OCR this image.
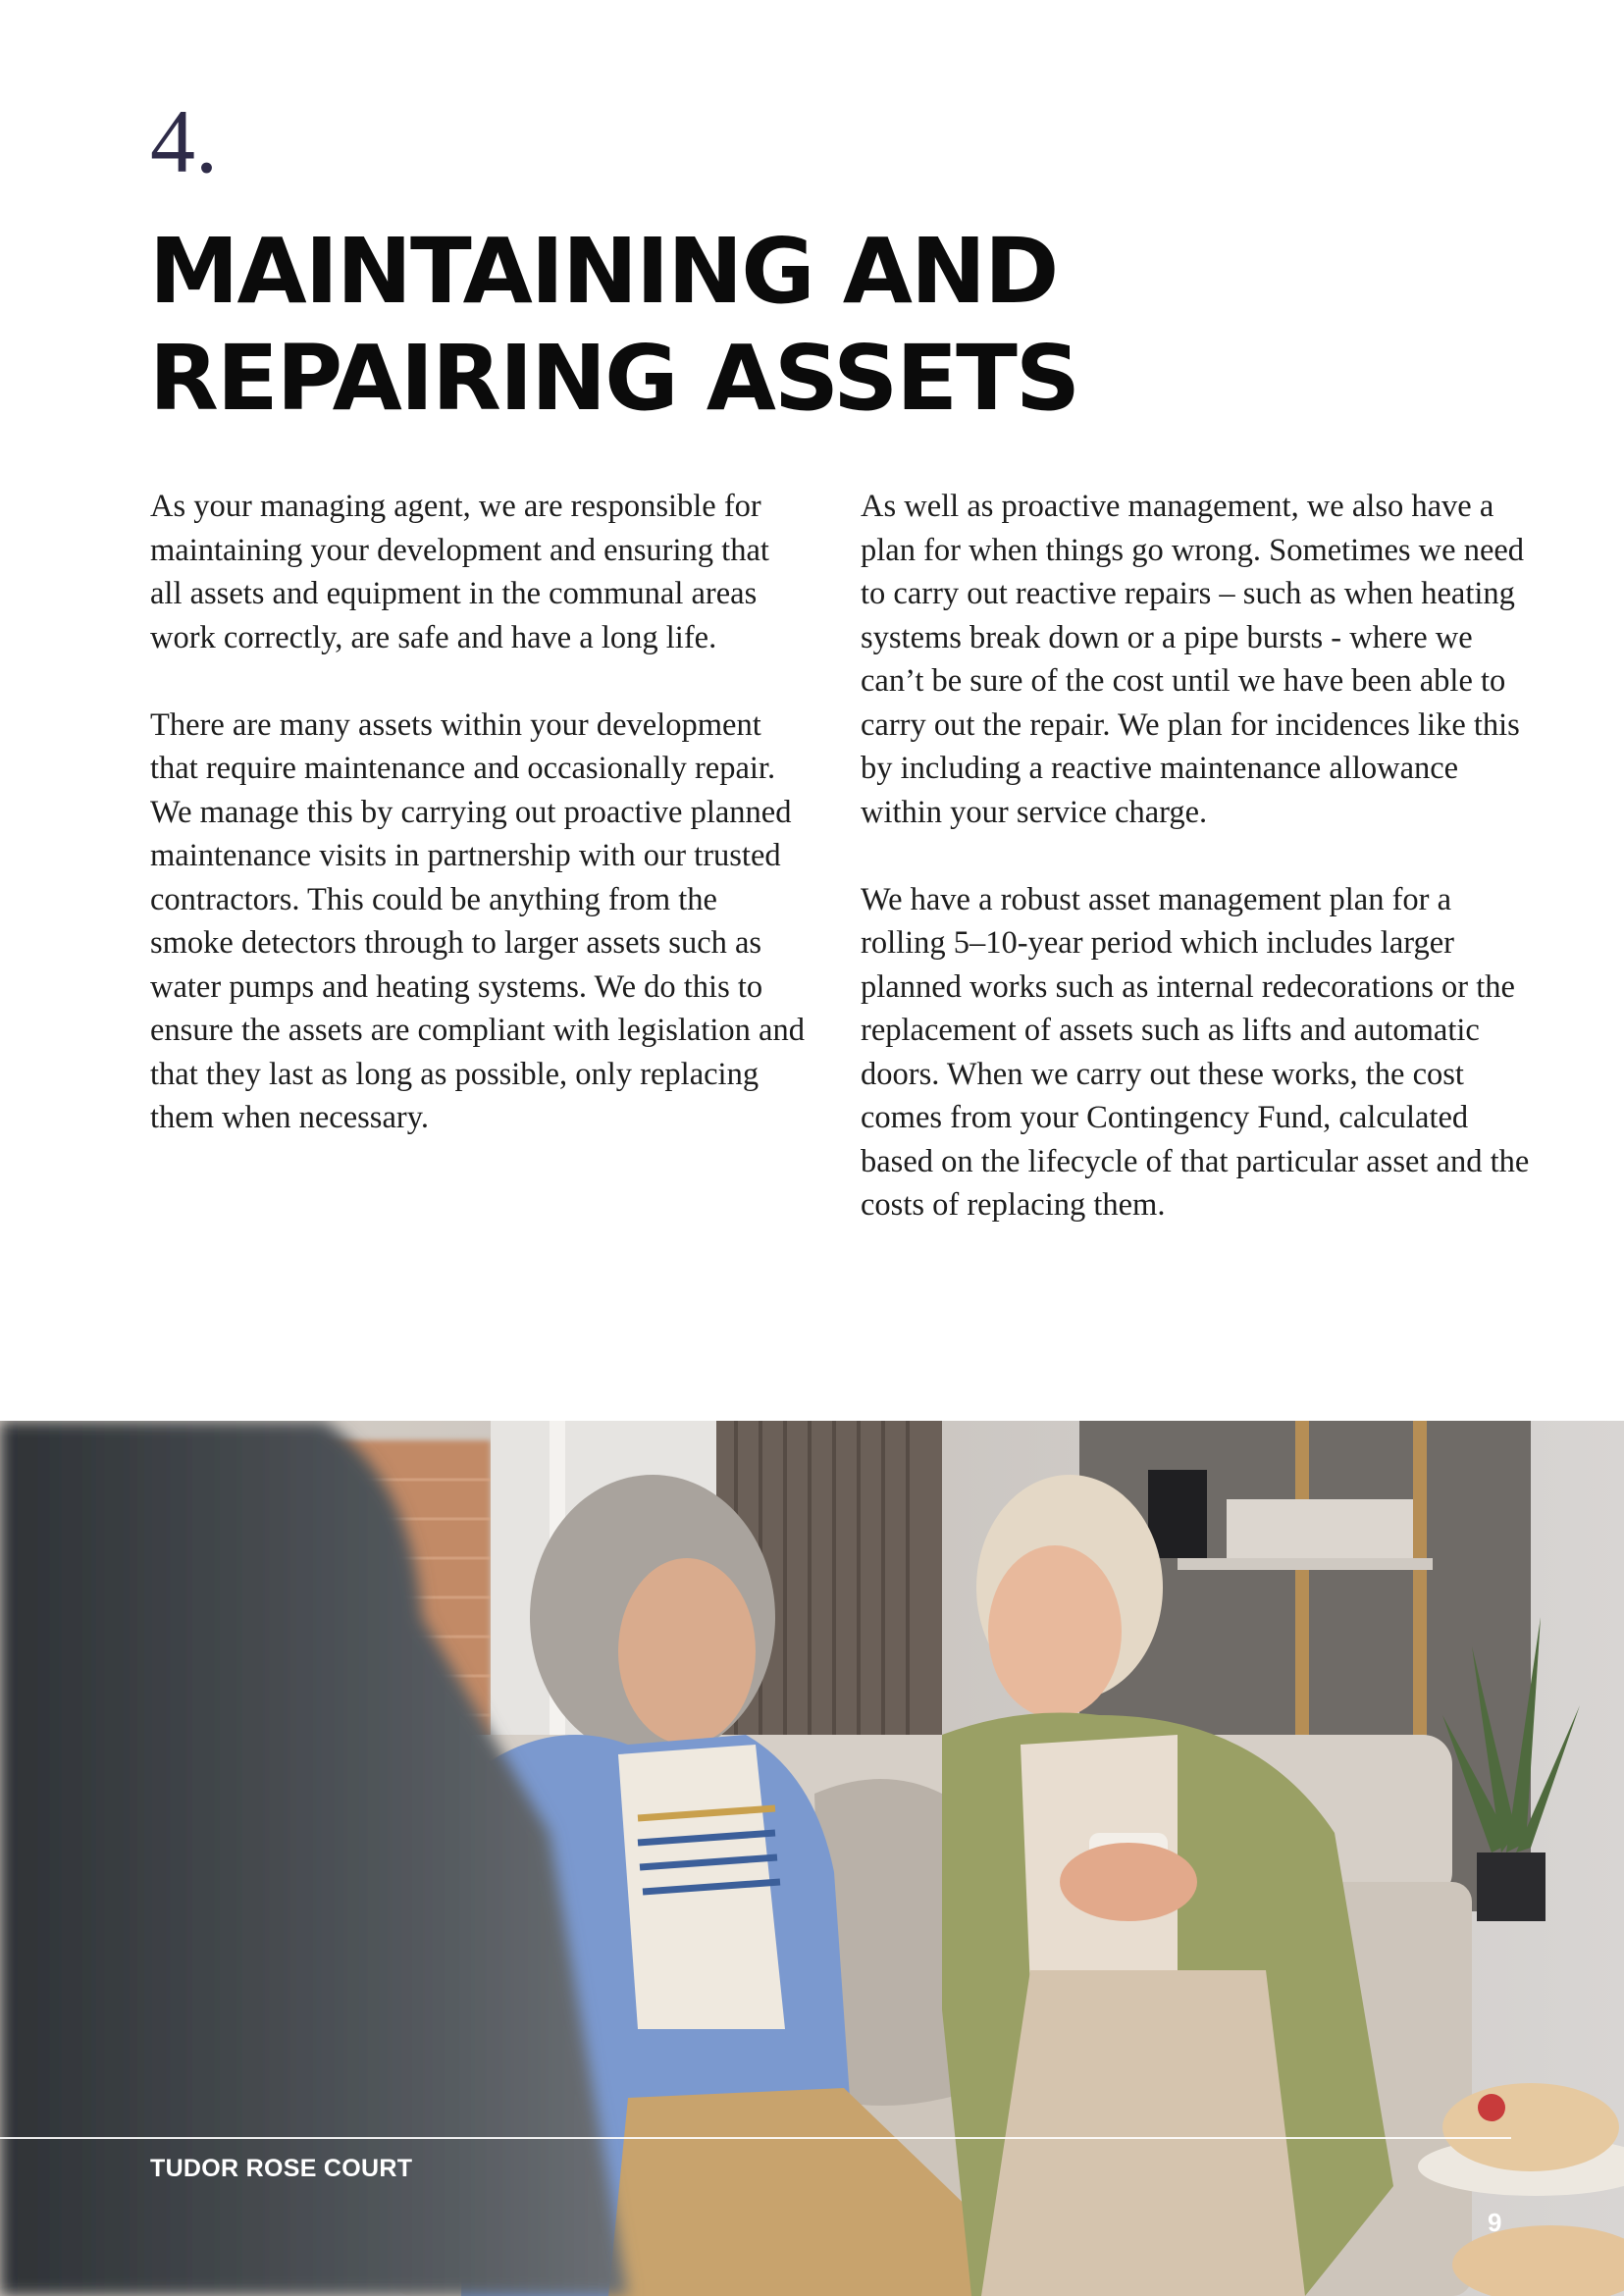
4.
MAINTAINING AND
REPAIRING ASSETS

As your managing agent, we are responsible for maintaining your development and ensuring that all assets and equipment in the communal areas work correctly, are safe and have a long life.

There are many assets within your development that require maintenance and occasionally repair. We manage this by carrying out proactive planned maintenance visits in partnership with our trusted contractors. This could be anything from the smoke detectors through to larger assets such as water pumps and heating systems. We do this to ensure the assets are compliant with legislation and that they last as long as possible, only replacing them when necessary.

As well as proactive management, we also have a plan for when things go wrong. Sometimes we need to carry out reactive repairs – such as when heating systems break down or a pipe bursts - where we can’t be sure of the cost until we have been able to carry out the repair. We plan for incidences like this by including a reactive maintenance allowance within your service charge.

We have a robust asset management plan for a rolling 5–10-year period which includes larger planned works such as internal redecorations or the replacement of assets such as lifts and automatic doors. When we carry out these works, the cost comes from your Contingency Fund, calculated based on the lifecycle of that particular asset and the costs of replacing them.

TUDOR ROSE COURT
9
